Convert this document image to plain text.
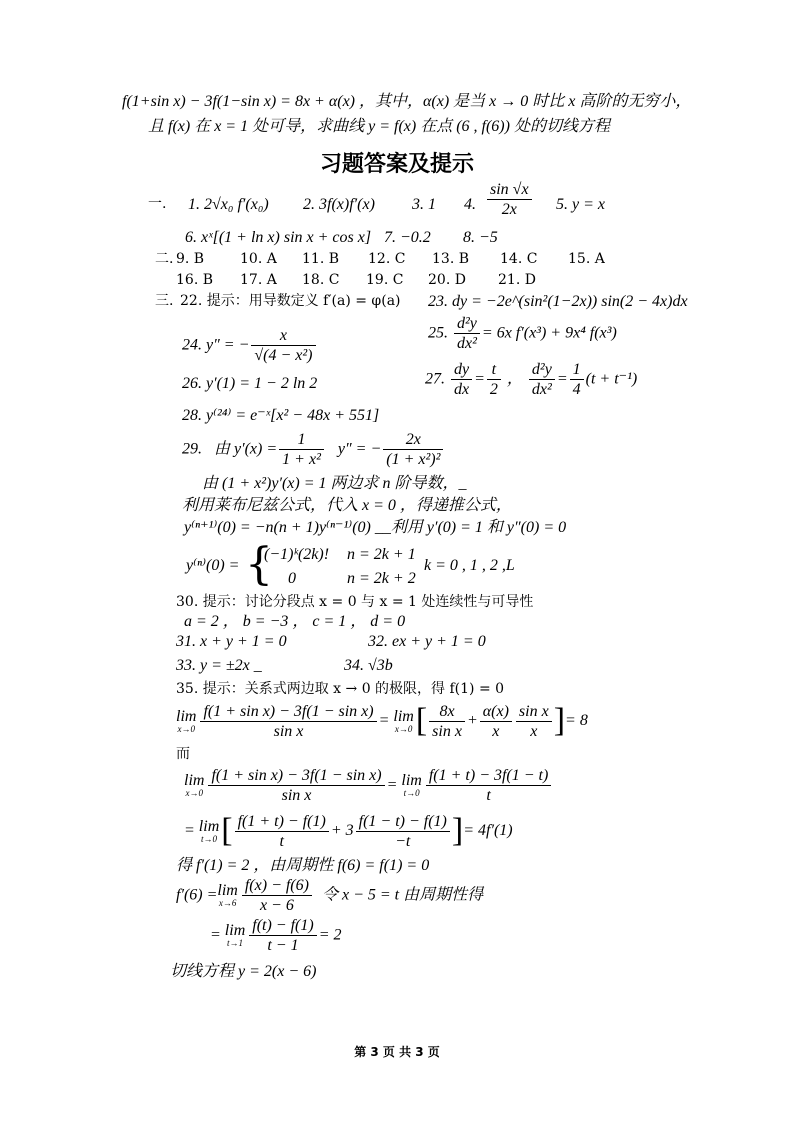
f(1+sin x) − 3f(1−sin x) = 8x + α(x) ，其中，α(x) 是当 x → 0 时比 x 高阶的无穷小，
且 f(x) 在 x = 1 处可导，求曲线 y = f(x) 在点 (6 , f(6)) 处的切线方程
习题答案及提示
一. 1. 2√x₀ f′(x₀) 2. 3f(x)f′(x) 3. 1 4. $\frac{\sin √x}{2x} 5$. y = x
6. xˣ[(1 + ln x) sin x + cos x] 7. −0.2 8. −5
二. 9. B	10. A 11. B 12. C 13. B 14. C 15. A
16. B 17. A 18. C 19. C 20. D 21. D
三. 22. 提示：用导数定义 f′(a) = φ(a) 23. dy = −2e^(sin²(1−2x)) sin(2 − 4x)dx
24. y″ = − $\frac{x}{\text{√(4 − x²)}}$	25. $\frac{\text{d²y}}{\text{dx²}} = 6x$ f′(x³) + 9x⁴ f(x³)
26. y′(1) = 1 − 2 ln 2	27. $\frac{dy}{dx} = \frac{t}{2}$ ， $\frac{\text{d²y}}{\text{dx²}} = \frac{1}{4} (t + t^{-1})$
28. y⁽²⁴⁾ = e⁻ˣ[x² − 48x + 551]
29. 由 $y'(x) = \frac{1}{\text{1 + x²}} y''$ = − $\frac{2x}{\text{(1 + x²)²}}$
由 (1 + x²)y′(x) = 1 两边求 n 阶导数，_
利用莱布尼兹公式，代入 x = 0 ，得递推公式，
y⁽ⁿ⁺¹⁾(0) = −n(n + 1)y⁽ⁿ⁻¹⁾(0) __利用 y′(0) = 1 和 y″(0) = 0
y⁽ⁿ⁾(0) = {
(−1)ᵏ(2k)! n = 2k + 1
0	n = 2k + 2
k = 0 , 1 , 2 ,L
30. 提示：讨论分段点 x = 0 与 x = 1 处连续性与可导性
a = 2 ， b = −3 ， c = 1 ， d = 0
31. x + y + 1 = 0	32. ex + y + 1 = 0
33. y = ±2x _	34. √3b
35. 提示：关系式两边取 x → 0 的极限，得 f(1) = 0
lim
$x\to 0 \frac{\text{f(1 + sin x) − 3f(1 − sin x)}}{\text{sin x}} = \lim$
x→0 [ $\frac{8x}{\text{sin x}} + \frac{\alpha(x)}{x} \frac{\text{sin x}}{x}$ ]= 8
而
lim
$x\to 0 \frac{\text{f(1 + sin x) − 3f(1 − sin x)}}{\text{sin x}} = \lim$
$t\to 0 \frac{f(1 + t) - 3f(1 - t)}{t}$
= lim
t→0 [ $\frac{f(1 + t) - f(1)}{t} + 3 \frac{f(1 - t) - f(1)}{-t}$ ]= 4f′(1)
得 f′(1) = 2 ，由周期性 f(6) = f(1) = 0
f′(6) =lim
$x\to 6 \frac{f(x) - f(6)}{x - 6}$ 令 x − 5 = t 由周期性得
= lim
$t\to 1 \frac{f(t) - f(1)}{t - 1} = 2$
切线方程 y = 2(x − 6)
第 3 页 共 3 页
